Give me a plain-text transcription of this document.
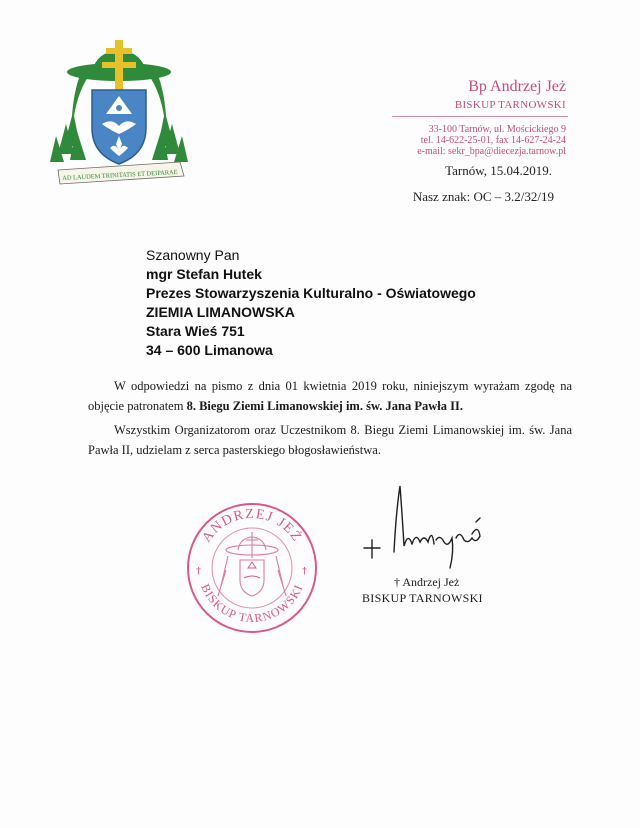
AD LAUDEM TRINITATIS ET DEIPARAE
Bp Andrzej Jeż
BISKUP TARNOWSKI
33-100 Tarnów, ul. Mościckiego 9
tel. 14-622-25-01, fax 14-627-24-24
e-mail: sekr_bpa@diecezja.tarnow.pl
Tarnów, 15.04.2019.
Nasz znak: OC – 3.2/32/19
Szanowny Pan
mgr Stefan Hutek
Prezes Stowarzyszenia Kulturalno - Oświatowego
ZIEMIA LIMANOWSKA
Stara Wieś 751
34 – 600 Limanowa

W odpowiedzi na pismo z dnia 01 kwietnia 2019 roku, niniejszym wyrażam zgodę na objęcie patronatem 8. Biegu Ziemi Limanowskiej im. św. Jana Pawła II.

Wszystkim Organizatorom oraz Uczestnikom 8. Biegu Ziemi Limanowskiej im. św. Jana Pawła II, udzielam z serca pasterskiego błogosławieństwa.

ANDRZEJ JEŻ
BISKUP TARNOWSKI
†	†
† Andrzej Jeż
BISKUP TARNOWSKI
